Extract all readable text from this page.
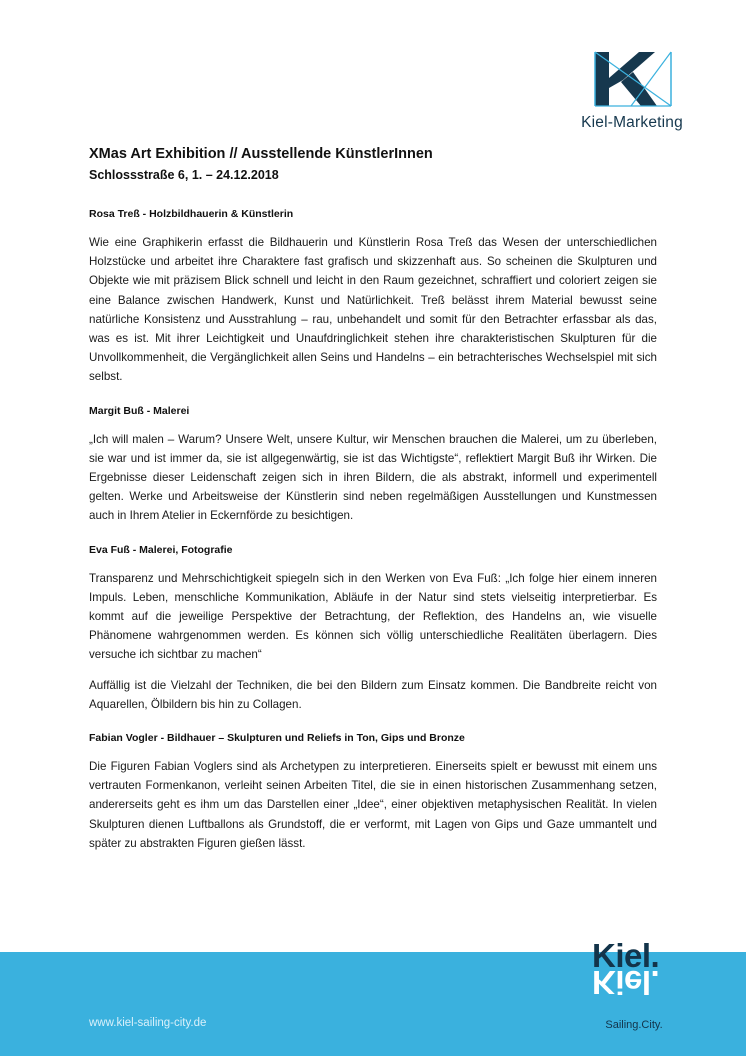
Kiel-Marketing
XMas Art Exhibition // Ausstellende KünstlerInnen
Schlossstraße 6, 1. – 24.12.2018
Rosa Treß - Holzbildhauerin & Künstlerin

Wie eine Graphikerin erfasst die Bildhauerin und Künstlerin Rosa Treß das Wesen der unterschiedlichen Holzstücke und arbeitet ihre Charaktere fast grafisch und skizzenhaft aus. So scheinen die Skulpturen und Objekte wie mit präzisem Blick schnell und leicht in den Raum gezeichnet, schraffiert und coloriert zeigen sie eine Balance zwischen Handwerk, Kunst und Natürlichkeit. Treß belässt ihrem Material bewusst seine natürliche Konsistenz und Ausstrahlung – rau, unbehandelt und somit für den Betrachter erfassbar als das, was es ist. Mit ihrer Leichtigkeit und Unaufdringlichkeit stehen ihre charakteristischen Skulpturen für die Unvollkommenheit, die Vergänglichkeit allen Seins und Handelns – ein betrachterisches Wechselspiel mit sich selbst.

Margit Buß - Malerei

„Ich will malen – Warum? Unsere Welt, unsere Kultur, wir Menschen brauchen die Malerei, um zu überleben, sie war und ist immer da, sie ist allgegenwärtig, sie ist das Wichtigste“, reflektiert Margit Buß ihr Wirken. Die Ergebnisse dieser Leidenschaft zeigen sich in ihren Bildern, die als abstrakt, informell und experimentell gelten. Werke und Arbeitsweise der Künstlerin sind neben regelmäßigen Ausstellungen und Kunstmessen auch in Ihrem Atelier in Eckernförde zu besichtigen.

Eva Fuß - Malerei, Fotografie

Transparenz und Mehrschichtigkeit spiegeln sich in den Werken von Eva Fuß: „Ich folge hier einem inneren Impuls. Leben, menschliche Kommunikation, Abläufe in der Natur sind stets vielseitig interpretierbar. Es kommt auf die jeweilige Perspektive der Betrachtung, der Reflektion, des Handelns an, wie visuelle Phänomene wahrgenommen werden. Es können sich völlig unterschiedliche Realitäten überlagern. Dies versuche ich sichtbar zu machen“

Auffällig ist die Vielzahl der Techniken, die bei den Bildern zum Einsatz kommen. Die Bandbreite reicht von Aquarellen, Ölbildern bis hin zu Collagen.

Fabian Vogler - Bildhauer – Skulpturen und Reliefs in Ton, Gips und Bronze

Die Figuren Fabian Voglers sind als Archetypen zu interpretieren. Einerseits spielt er bewusst mit einem uns vertrauten Formenkanon, verleiht seinen Arbeiten Titel, die sie in einen historischen Zusammenhang setzen, andererseits geht es ihm um das Darstellen einer „Idee“, einer objektiven metaphysischen Realität. In vielen Skulpturen dienen Luftballons als Grundstoff, die er verformt, mit Lagen von Gips und Gaze ummantelt und später zu abstrakten Figuren gießen lässt.

www.kiel-sailing-city.de
Kiel.
Kiel.
Sailing.City.
